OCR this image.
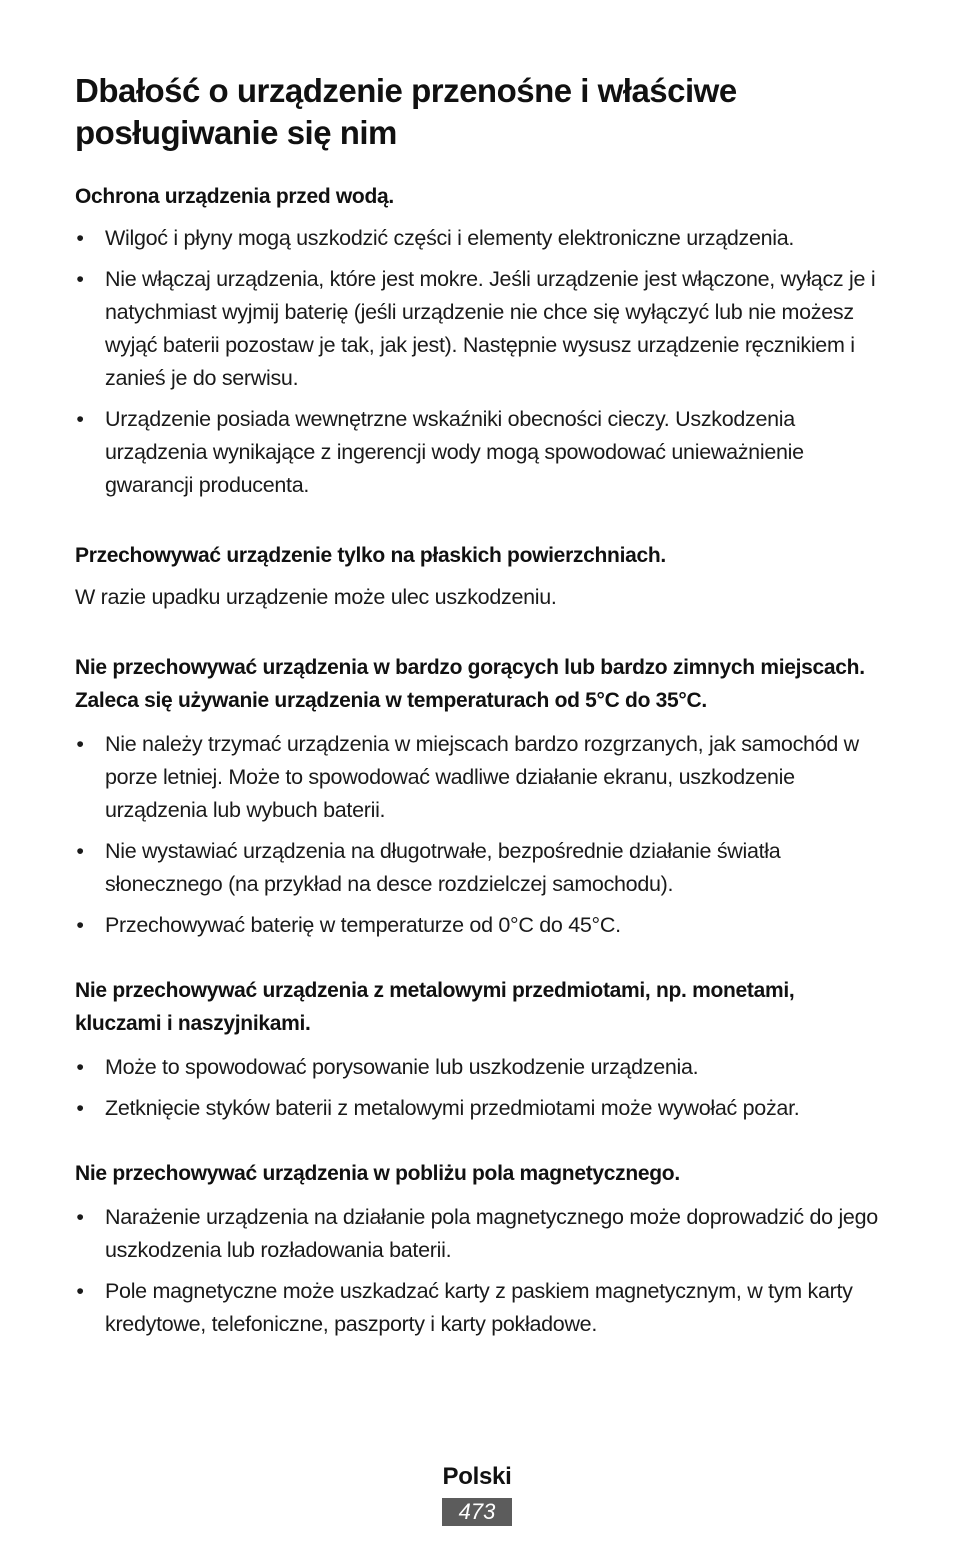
Dbałość o urządzenie przenośne i właściwe posługiwanie się nim

Ochrona urządzenia przed wodą.

• Wilgoć i płyny mogą uszkodzić części i elementy elektroniczne urządzenia.
• Nie włączaj urządzenia, które jest mokre. Jeśli urządzenie jest włączone, wyłącz je i natychmiast wyjmij baterię (jeśli urządzenie nie chce się wyłączyć lub nie możesz wyjąć baterii pozostaw je tak, jak jest). Następnie wysusz urządzenie ręcznikiem i zanieś je do serwisu.
• Urządzenie posiada wewnętrzne wskaźniki obecności cieczy. Uszkodzenia urządzenia wynikające z ingerencji wody mogą spowodować unieważnienie gwarancji producenta.

Przechowywać urządzenie tylko na płaskich powierzchniach.

W razie upadku urządzenie może ulec uszkodzeniu.

Nie przechowywać urządzenia w bardzo gorących lub bardzo zimnych miejscach. Zaleca się używanie urządzenia w temperaturach od 5°C do 35°C.

• Nie należy trzymać urządzenia w miejscach bardzo rozgrzanych, jak samochód w porze letniej. Może to spowodować wadliwe działanie ekranu, uszkodzenie urządzenia lub wybuch baterii.
• Nie wystawiać urządzenia na długotrwałe, bezpośrednie działanie światła słonecznego (na przykład na desce rozdzielczej samochodu).
• Przechowywać baterię w temperaturze od 0°C do 45°C.

Nie przechowywać urządzenia z metalowymi przedmiotami, np. monetami, kluczami i naszyjnikami.

• Może to spowodować porysowanie lub uszkodzenie urządzenia.
• Zetknięcie styków baterii z metalowymi przedmiotami może wywołać pożar.

Nie przechowywać urządzenia w pobliżu pola magnetycznego.

• Narażenie urządzenia na działanie pola magnetycznego może doprowadzić do jego uszkodzenia lub rozładowania baterii.
• Pole magnetyczne może uszkadzać karty z paskiem magnetycznym, w tym karty kredytowe, telefoniczne, paszporty i karty pokładowe.
Polski
473
